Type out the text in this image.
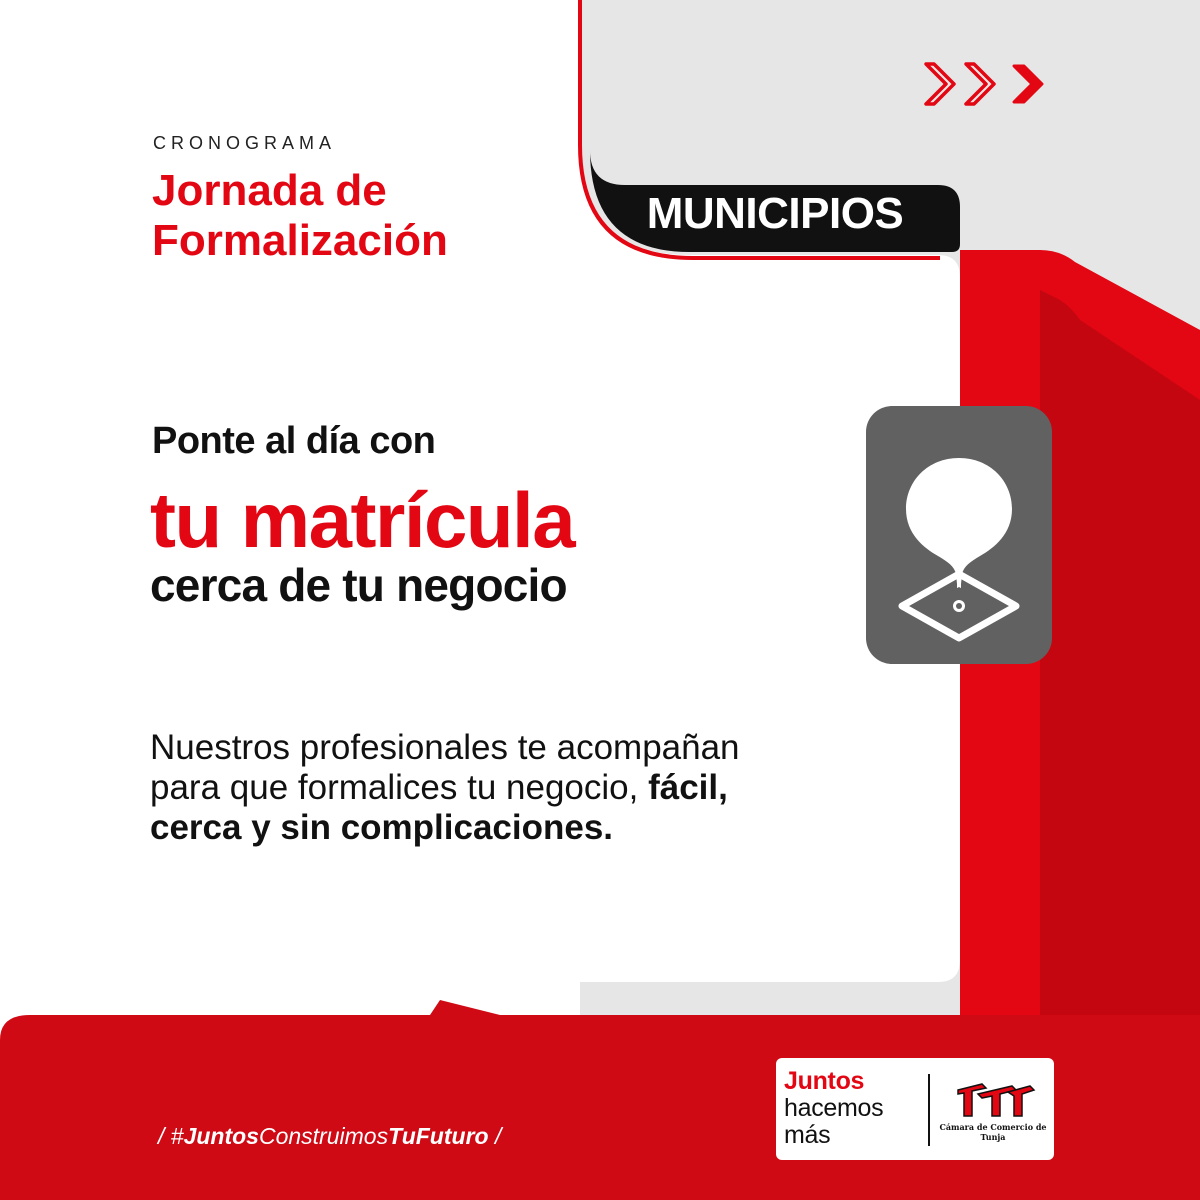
CRONOGRAMA
Jornada de
Formalización
MUNICIPIOS
Ponte al día con
tu matrícula
cerca de tu negocio
Nuestros profesionales te acompañan para que formalices tu negocio, fácil, cerca y sin complicaciones.
/ #JuntosConstruimosTuFuturo /
Juntos
hacemos
más	Cámara de Comercio de Tunja
